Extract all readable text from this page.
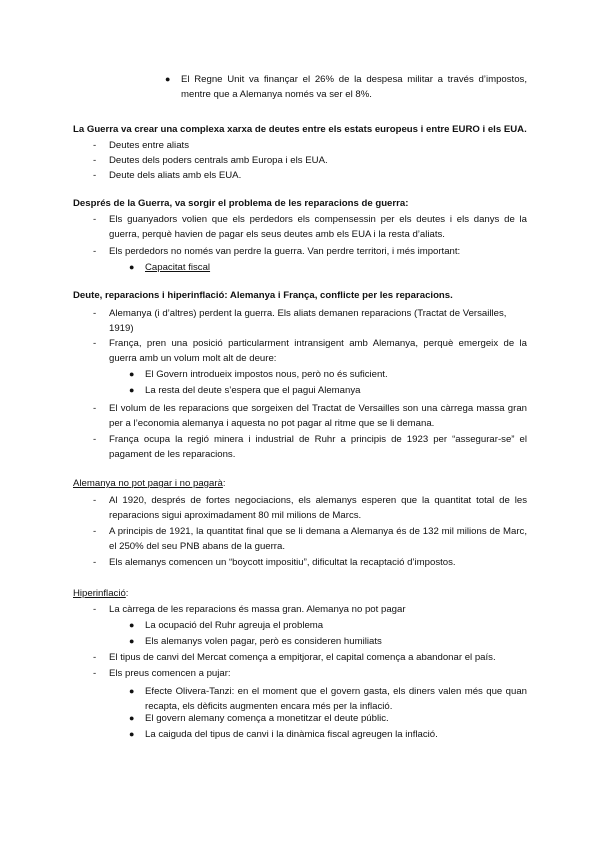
● El Regne Unit va finançar el 26% de la despesa militar a través d’impostos, mentre que a Alemanya només va ser el 8%.
La Guerra va crear una complexa xarxa de deutes entre els estats europeus i entre EURO i els EUA.
- Deutes entre aliats
- Deutes dels poders centrals amb Europa i els EUA.
- Deute dels aliats amb els EUA.
Després de la Guerra, va sorgir el problema de les reparacions de guerra:
- Els guanyadors volien que els perdedors els compensessin per els deutes i els danys de la guerra, perquè havien de pagar els seus deutes amb els EUA i la resta d’aliats.
- Els perdedors no només van perdre la guerra. Van perdre territori, i més important:
● Capacitat fiscal
Deute, reparacions i hiperinflació: Alemanya i França, conflicte per les reparacions.
- Alemanya (i d’altres) perdent la guerra. Els aliats demanen reparacions (Tractat de Versailles, 1919)
- França, pren una posició particularment intransigent amb Alemanya, perquè emergeix de la guerra amb un volum molt alt de deure:
● El Govern introdueix impostos nous, però no és suficient.
● La resta del deute s’espera que el pagui Alemanya
- El volum de les reparacions que sorgeixen del Tractat de Versailles son una càrrega massa gran per a l’economia alemanya i aquesta no pot pagar al ritme que se li demana.
- França ocupa la regió minera i industrial de Ruhr a principis de 1923 per “assegurar-se” el pagament de les reparacions.
Alemanya no pot pagar i no pagarà:
- Al 1920, després de fortes negociacions, els alemanys esperen que la quantitat total de les reparacions sigui aproximadament 80 mil milions de Marcs.
- A principis de 1921, la quantitat final que se li demana a Alemanya és de 132 mil milions de Marc, el 250% del seu PNB abans de la guerra.
- Els alemanys comencen un “boycott impositiu”, dificultat la recaptació d’impostos.
Hiperinflació:
- La càrrega de les reparacions és massa gran. Alemanya no pot pagar
● La ocupació del Ruhr agreuja el problema
● Els alemanys volen pagar, però es consideren humiliats
- El tipus de canvi del Mercat comença a empitjorar, el capital comença a abandonar el país.
- Els preus comencen a pujar:
● Efecte Olivera-Tanzi: en el moment que el govern gasta, els diners valen més que quan recapta, els dèficits augmenten encara més per la inflació.
● El govern alemany comença a monetitzar el deute públic.
● La caiguda del tipus de canvi i la dinàmica fiscal agreugen la inflació.
